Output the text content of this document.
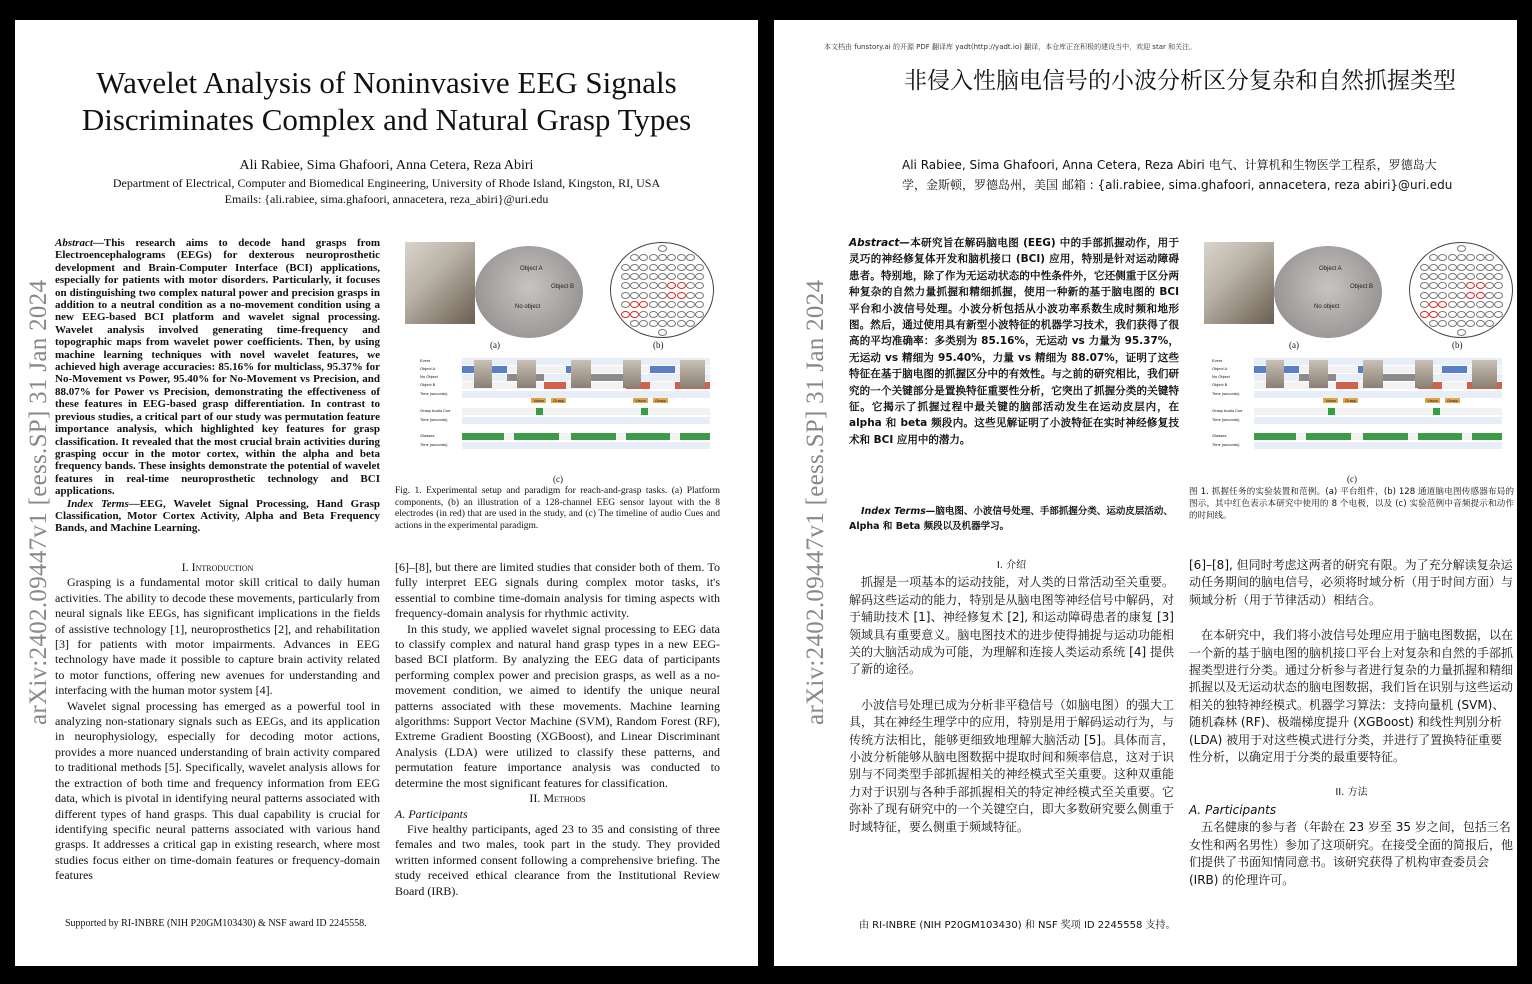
arXiv:2402.09447v1 [eess.SP] 31 Jan 2024
Wavelet Analysis of Noninvasive EEG Signals
Discriminates Complex and Natural Grasp Types
Ali Rabiee, Sima Ghafoori, Anna Cetera, Reza Abiri
Department of Electrical, Computer and Biomedical Engineering, University of Rhode Island, Kingston, RI, USA
Emails: {ali.rabiee, sima.ghafoori, annacetera, reza_abiri}@uri.edu
Abstract—This research aims to decode hand grasps from Electroencephalograms (EEGs) for dexterous neuroprosthetic development and Brain-Computer Interface (BCI) applications, especially for patients with motor disorders. Particularly, it focuses on distinguishing two complex natural power and precision grasps in addition to a neutral condition as a no-movement condition using a new EEG-based BCI platform and wavelet signal processing. Wavelet analysis involved generating time-frequency and topographic maps from wavelet power coefficients. Then, by using machine learning techniques with novel wavelet features, we achieved high average accuracies: 85.16% for multiclass, 95.37% for No-Movement vs Power, 95.40% for No-Movement vs Precision, and 88.07% for Power vs Precision, demonstrating the effectiveness of these features in EEG-based grasp differentiation. In contrast to previous studies, a critical part of our study was permutation feature importance analysis, which highlighted key features for grasp classification. It revealed that the most crucial brain activities during grasping occur in the motor cortex, within the alpha and beta frequency bands. These insights demonstrate the potential of wavelet features in real-time neuroprosthetic technology and BCI applications.
Index Terms—EEG, Wavelet Signal Processing, Hand Grasp Classification, Motor Cortex Activity, Alpha and Beta Frequency Bands, and Machine Learning.

I. Introduction

Grasping is a fundamental motor skill critical to daily human activities. The ability to decode these movements, particularly from neural signals like EEGs, has significant implications in the fields of assistive technology [1], neuroprosthetics [2], and rehabilitation [3] for patients with motor impairments. Advances in EEG technology have made it possible to capture brain activity related to motor functions, offering new avenues for understanding and interfacing with the human motor system [4].

Wavelet signal processing has emerged as a powerful tool in analyzing non-stationary signals such as EEGs, and its application in neurophysiology, especially for decoding motor actions, provides a more nuanced understanding of brain activity compared to traditional methods [5]. Specifically, wavelet analysis allows for the extraction of both time and frequency information from EEG data, which is pivotal in identifying neural patterns associated with different types of hand grasps. This dual capability is crucial for identifying specific neural patterns associated with various hand grasps. It addresses a critical gap in existing research, where most studies focus either on time-domain features or frequency-domain features

Supported by RI-INBRE (NIH P20GM103430) & NSF award ID 2245558.
Object A
Object B
No object
(a)	(b)
Event
Object A
No Object
Object B
Time (seconds)
Grasp Audio Cue
Time (seconds)
Glasses
Time (seconds)
Vision	Grasp	Vision	Grasp
(c)
Fig. 1. Experimental setup and paradigm for reach-and-grasp tasks. (a) Platform components, (b) an illustration of a 128-channel EEG sensor layout with the 8 electrodes (in red) that are used in the study, and (c) The timeline of audio Cues and actions in the experimental paradigm.

[6]–[8], but there are limited studies that consider both of them. To fully interpret EEG signals during complex motor tasks, it's essential to combine time-domain analysis for timing aspects with frequency-domain analysis for rhythmic activity.

In this study, we applied wavelet signal processing to EEG data to classify complex and natural hand grasp types in a new EEG-based BCI platform. By analyzing the EEG data of participants performing complex power and precision grasps, as well as a no-movement condition, we aimed to identify the unique neural patterns associated with these movements. Machine learning algorithms: Support Vector Machine (SVM), Random Forest (RF), Extreme Gradient Boosting (XGBoost), and Linear Discriminant Analysis (LDA) were utilized to classify these patterns, and permutation feature importance analysis was conducted to determine the most significant features for classification.

II. Methods

A. Participants

Five healthy participants, aged 23 to 35 and consisting of three females and two males, took part in the study. They provided written informed consent following a comprehensive briefing. The study received ethical clearance from the Institutional Review Board (IRB).

本文档由 funstory.ai 的开源 PDF 翻译库 yadt(http://yadt.io) 翻译，本仓库正在积极的建设当中，欢迎 star 和关注。
arXiv:2402.09447v1 [eess.SP] 31 Jan 2024
非侵入性脑电信号的小波分析区分复杂和自然抓握类型
Ali Rabiee, Sima Ghafoori, Anna Cetera, Reza Abiri 电气、计算机和生物医学工程系，罗德岛大
学，金斯顿，罗德岛州，美国 邮箱 : {ali.rabiee, sima.ghafoori, annacetera, reza abiri}@uri.edu
Abstract—本研究旨在解码脑电图 (EEG) 中的手部抓握动作，用于灵巧的神经修复体开发和脑机接口 (BCI) 应用，特别是针对运动障碍患者。特别地，除了作为无运动状态的中性条件外，它还侧重于区分两种复杂的自然力量抓握和精细抓握，使用一种新的基于脑电图的 BCI 平台和小波信号处理。小波分析包括从小波功率系数生成时频和地形图。然后，通过使用具有新型小波特征的机器学习技术，我们获得了很高的平均准确率：多类别为 85.16%，无运动 vs 力量为 95.37%，无运动 vs 精细为 95.40%，力量 vs 精细为 88.07%，证明了这些特征在基于脑电图的抓握区分中的有效性。与之前的研究相比，我们研究的一个关键部分是置换特征重要性分析，它突出了抓握分类的关键特征。它揭示了抓握过程中最关键的脑部活动发生在运动皮层内，在 alpha 和 beta 频段内。这些见解证明了小波特征在实时神经修复技术和 BCI 应用中的潜力。
Index Terms—脑电图、小波信号处理、手部抓握分类、运动皮层活动、Alpha 和 Beta 频段以及机器学习。

I. 介绍

抓握是一项基本的运动技能，对人类的日常活动至关重要。解码这些运动的能力，特别是从脑电图等神经信号中解码，对于辅助技术 [1]、神经修复术 [2], 和运动障碍患者的康复 [3] 领域具有重要意义。脑电图技术的进步使得捕捉与运动功能相关的大脑活动成为可能，为理解和连接人类运动系统 [4] 提供了新的途径。

小波信号处理已成为分析非平稳信号（如脑电图）的强大工具，其在神经生理学中的应用，特别是用于解码运动行为，与传统方法相比，能够更细致地理解大脑活动 [5]。具体而言，小波分析能够从脑电图数据中提取时间和频率信息，这对于识别与不同类型手部抓握相关的神经模式至关重要。这种双重能力对于识别与各种手部抓握相关的特定神经模式至关重要。它弥补了现有研究中的一个关键空白，即大多数研究要么侧重于时域特征，要么侧重于频域特征。

由 RI-INBRE (NIH P20GM103430) 和 NSF 奖项 ID 2245558 支持。
Object A
Object B
No object
(a)	(b)
Event
Object A
No Object
Object B
Time (seconds)
Grasp Audio Cue
Time (seconds)
Glasses
Time (seconds)
Vision	Grasp	Vision	Grasp
(c)
图 1. 抓握任务的实验装置和范例。(a) 平台组件，(b) 128 通道脑电图传感器布局的图示，其中红色表示本研究中使用的 8 个电极，以及 (c) 实验范例中音频提示和动作的时间线。

[6]–[8], 但同时考虑这两者的研究有限。为了充分解读复杂运动任务期间的脑电信号，必须将时域分析（用于时间方面）与频域分析（用于节律活动）相结合。

在本研究中，我们将小波信号处理应用于脑电图数据，以在一个新的基于脑电图的脑机接口平台上对复杂和自然的手部抓握类型进行分类。通过分析参与者进行复杂的力量抓握和精细抓握以及无运动状态的脑电图数据，我们旨在识别与这些运动相关的独特神经模式。机器学习算法：支持向量机 (SVM)、随机森林 (RF)、极端梯度提升 (XGBoost) 和线性判别分析 (LDA) 被用于对这些模式进行分类，并进行了置换特征重要性分析，以确定用于分类的最重要特征。

II. 方法

A. Participants

五名健康的参与者（年龄在 23 岁至 35 岁之间，包括三名女性和两名男性）参加了这项研究。在接受全面的简报后，他们提供了书面知情同意书。该研究获得了机构审查委员会 (IRB) 的伦理许可。
